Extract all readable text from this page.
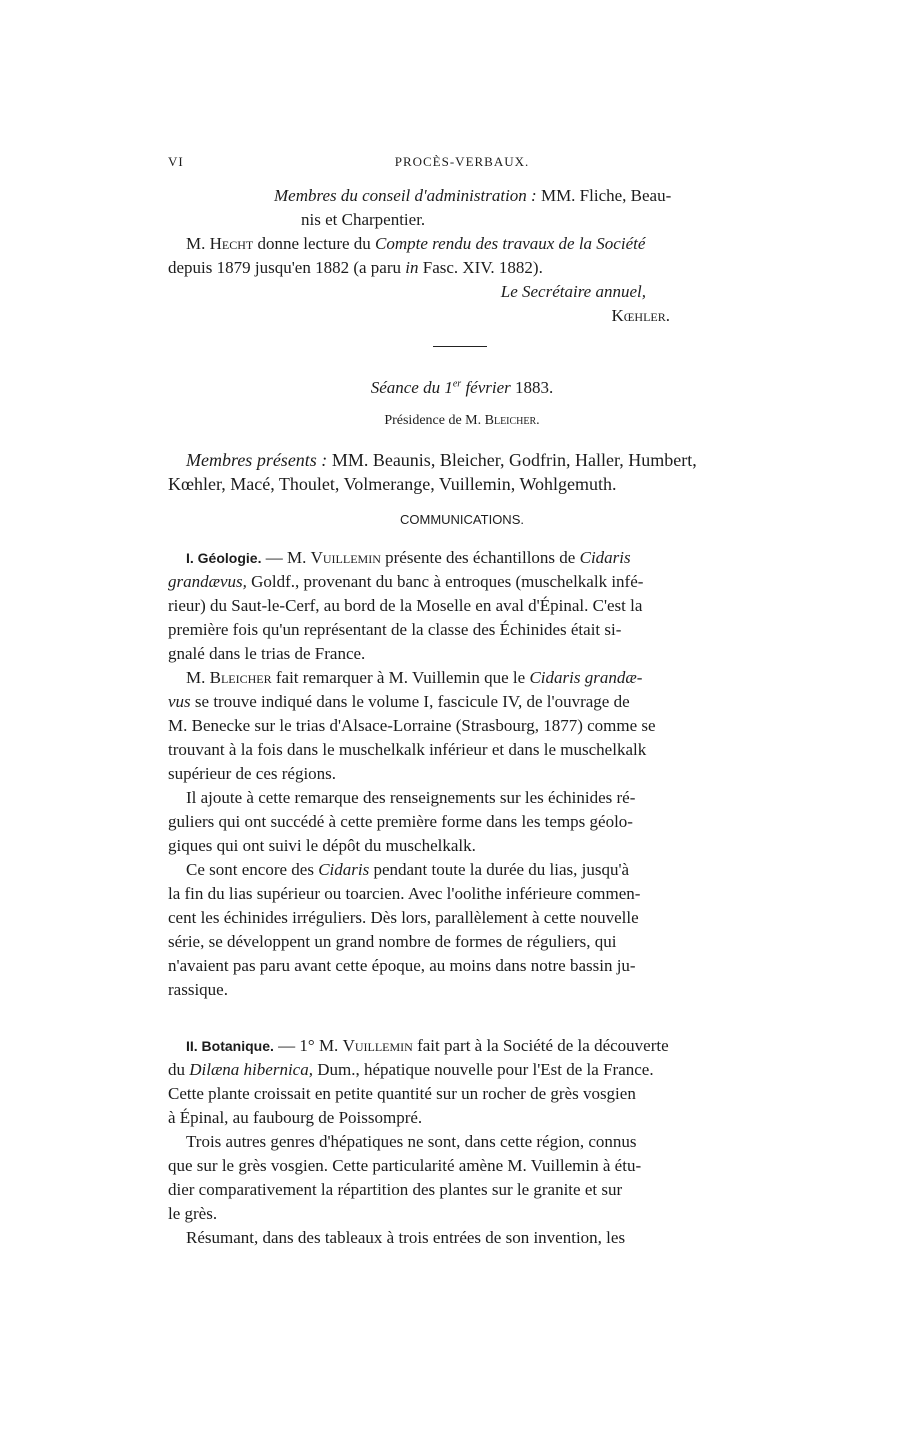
VI	PROCÈS-VERBAUX.
Membres du conseil d'administration : MM. Fliche, Beau-
nis et Charpentier.
M. Hecht donne lecture du Compte rendu des travaux de la Société
depuis 1879 jusqu'en 1882 (a paru in Fasc. XIV. 1882).
Le Secrétaire annuel,
Kœhler.
Séance du 1er février 1883.
Présidence de M. Bleicher.
Membres présents : MM. Beaunis, Bleicher, Godfrin, Haller, Humbert,
Kœhler, Macé, Thoulet, Volmerange, Vuillemin, Wohlgemuth.
COMMUNICATIONS.
I. Géologie. — M. Vuillemin présente des échantillons de Cidaris
grandævus, Goldf., provenant du banc à entroques (muschelkalk infé-
rieur) du Saut-le-Cerf, au bord de la Moselle en aval d'Épinal. C'est la
première fois qu'un représentant de la classe des Échinides était si-
gnalé dans le trias de France.
M. Bleicher fait remarquer à M. Vuillemin que le Cidaris grandæ-
vus se trouve indiqué dans le volume I, fascicule IV, de l'ouvrage de
M. Benecke sur le trias d'Alsace-Lorraine (Strasbourg, 1877) comme se
trouvant à la fois dans le muschelkalk inférieur et dans le muschelkalk
supérieur de ces régions.
Il ajoute à cette remarque des renseignements sur les échinides ré-
guliers qui ont succédé à cette première forme dans les temps géolo-
giques qui ont suivi le dépôt du muschelkalk.
Ce sont encore des Cidaris pendant toute la durée du lias, jusqu'à
la fin du lias supérieur ou toarcien. Avec l'oolithe inférieure commen-
cent les échinides irréguliers. Dès lors, parallèlement à cette nouvelle
série, se développent un grand nombre de formes de réguliers, qui
n'avaient pas paru avant cette époque, au moins dans notre bassin ju-
rassique.
II. Botanique. — 1° M. Vuillemin fait part à la Société de la découverte
du Dilæna hibernica, Dum., hépatique nouvelle pour l'Est de la France.
Cette plante croissait en petite quantité sur un rocher de grès vosgien
à Épinal, au faubourg de Poissompré.
Trois autres genres d'hépatiques ne sont, dans cette région, connus
que sur le grès vosgien. Cette particularité amène M. Vuillemin à étu-
dier comparativement la répartition des plantes sur le granite et sur
le grès.
Résumant, dans des tableaux à trois entrées de son invention, les
